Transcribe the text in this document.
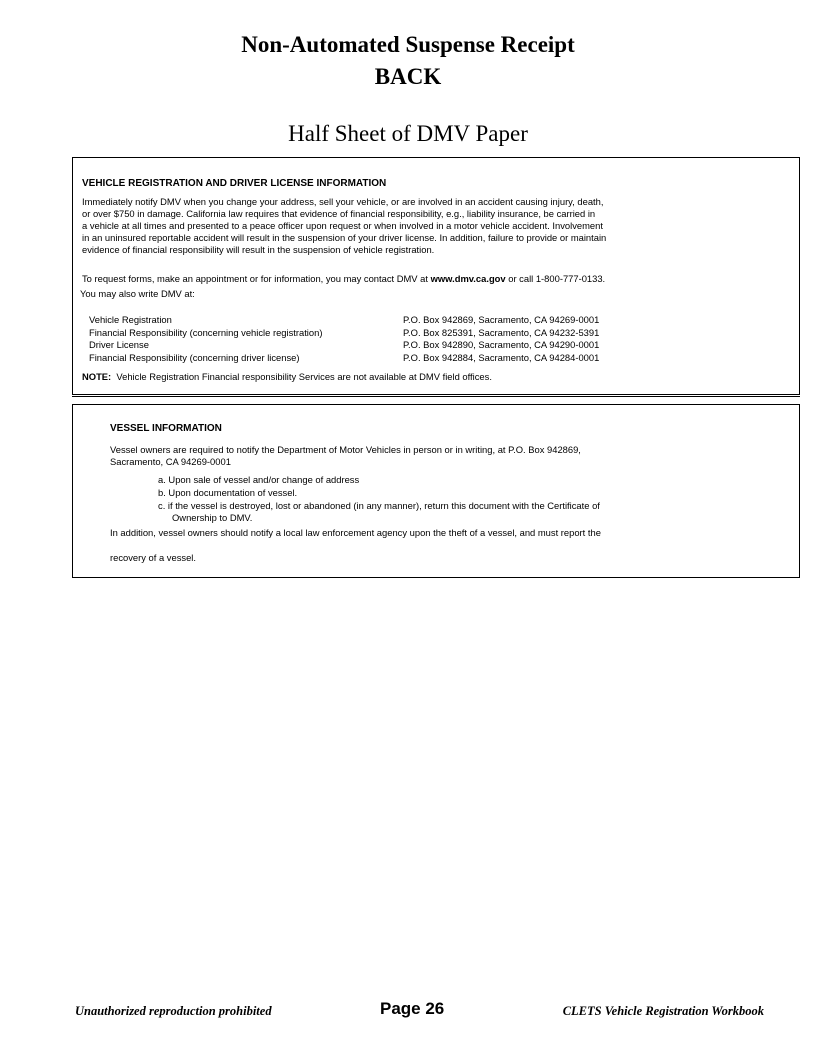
Non-Automated Suspense Receipt
BACK
Half Sheet of DMV Paper
VEHICLE REGISTRATION AND DRIVER LICENSE INFORMATION
Immediately notify DMV when you change your address, sell your vehicle, or are involved in an accident causing injury, death,
or over $750 in damage. California law requires that evidence of financial responsibility, e.g., liability insurance, be carried in
a vehicle at all times and presented to a peace officer upon request or when involved in a motor vehicle accident. Involvement
in an uninsured reportable accident will result in the suspension of your driver license. In addition, failure to provide or maintain
evidence of financial responsibility will result in the suspension of vehicle registration.
To request forms, make an appointment or for information, you may contact DMV at www.dmv.ca.gov or call 1-800-777-0133.
You may also write DMV at:
Vehicle Registration	P.O. Box 942869, Sacramento, CA 94269-0001
Financial Responsibility (concerning vehicle registration)	P.O. Box 825391, Sacramento, CA 94232-5391
Driver License	P.O. Box 942890, Sacramento, CA 94290-0001
Financial Responsibility (concerning driver license)	P.O. Box 942884, Sacramento, CA 94284-0001
NOTE: Vehicle Registration Financial responsibility Services are not available at DMV field offices.
VESSEL INFORMATION
Vessel owners are required to notify the Department of Motor Vehicles in person or in writing, at P.O. Box 942869,
Sacramento, CA 94269-0001
a. Upon sale of vessel and/or change of address
b. Upon documentation of vessel.
c. if the vessel is destroyed, lost or abandoned (in any manner), return this document with the Certificate of
Ownership to DMV.
In addition, vessel owners should notify a local law enforcement agency upon the theft of a vessel, and must report the
recovery of a vessel.
Unauthorized reproduction prohibited	Page 26	CLETS Vehicle Registration Workbook
